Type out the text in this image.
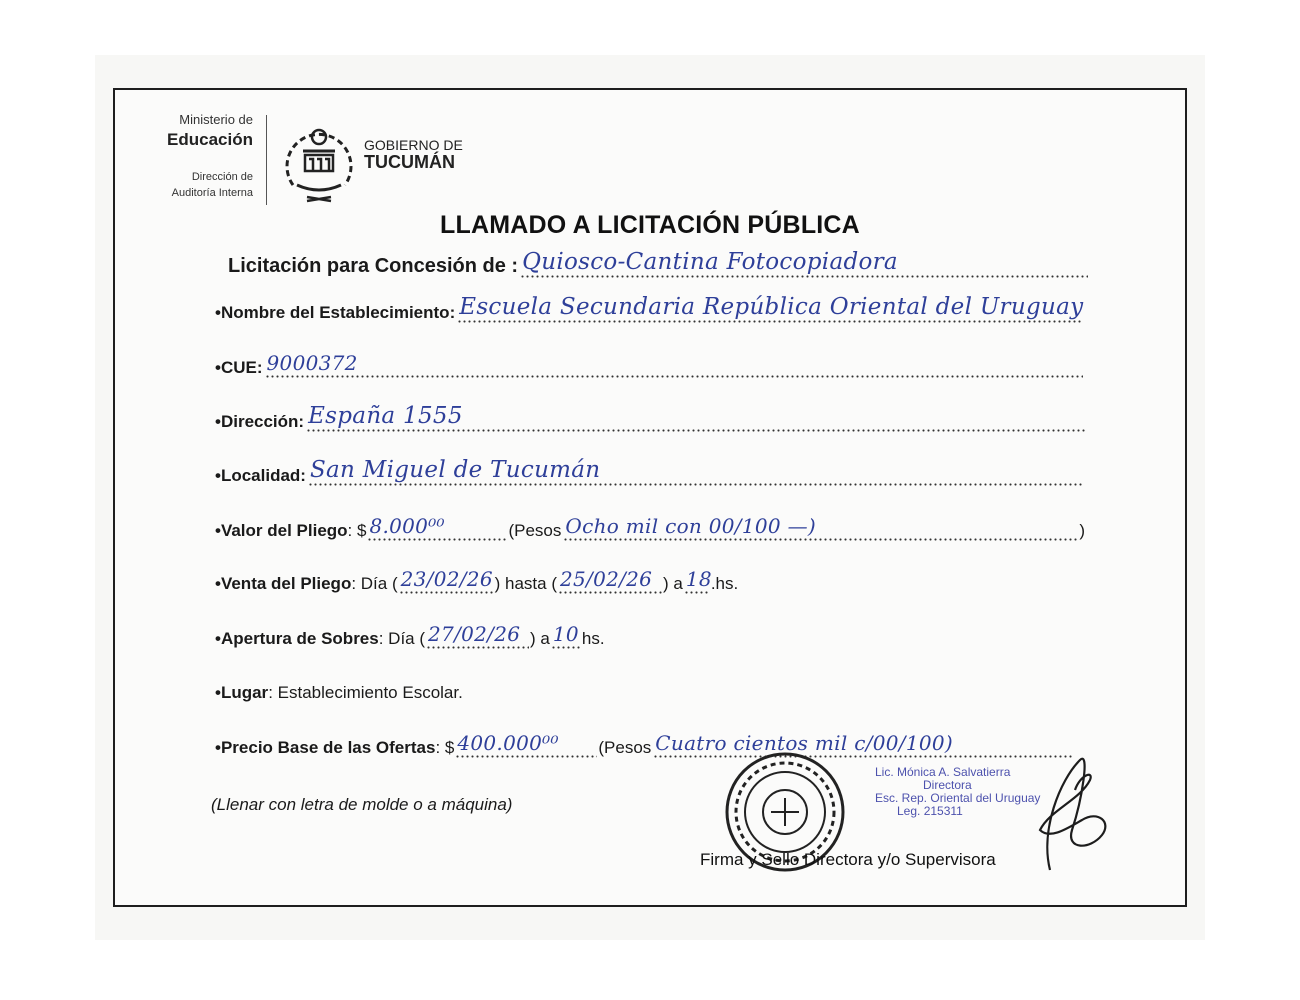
Ministerio de
Educación
Dirección de
Auditoría Interna
GOBIERNO DE
TUCUMÁN
LLAMADO A LICITACIÓN PÚBLICA
Licitación para Concesión de : Quiosco-Cantina Fotocopiadora
•Nombre del Establecimiento: Escuela Secundaria República Oriental del Uruguay
•CUE: 9000372
•Dirección: España 1555
•Localidad: San Miguel de Tucumán
•Valor del Pliego : $ 8.000⁰⁰	(Pesos Ocho mil con 00/100 —)	)
•Venta del Pliego : Día ( 23/02/26 ) hasta ( 25/02/26 ) a 18
.hs.
•Apertura de Sobres : Día ( 27/02/26 ) a 10 hs.
•Lugar : Establecimiento Escolar.
•Precio Base de las Ofertas : $ 400.000⁰⁰ (Pesos Cuatro cientos mil c/00/100)
(Llenar con letra de molde o a máquina)
Lic. Mónica A. Salvatierra
Directora
Esc. Rep. Oriental del Uruguay
Leg. 215311
Firma y Sello Directora y/o Supervisora
